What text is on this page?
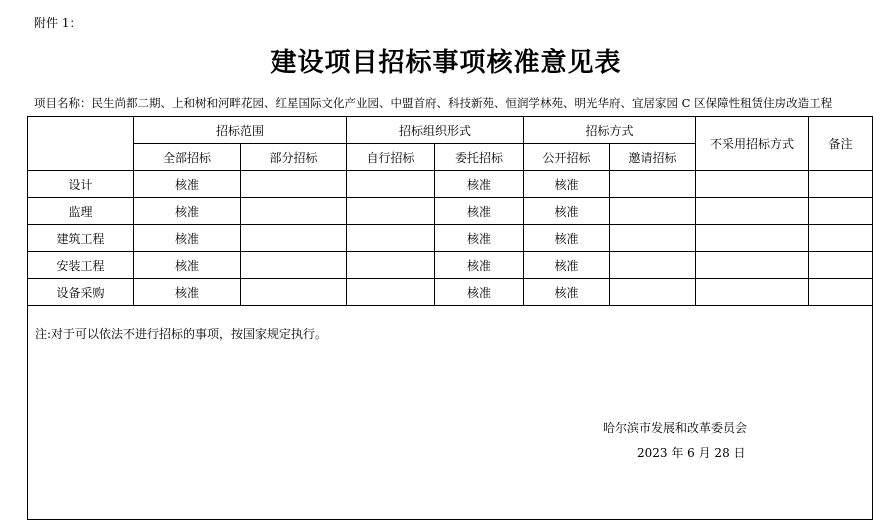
附件 1：
建设项目招标事项核准意见表
项目名称：民生尚都二期、上和树和河畔花园、红星国际文化产业园、中盟首府、科技新苑、恒润学林苑、明光华府、宜居家园 C 区保障性租赁住房改造工程
	招标范围		招标组织形式		招标方式		不采用招标方式	备注
	全部招标	部分招标	自行招标	委托招标	公开招标	邀请招标		
设计	核准			核准	核准			
监理	核准			核准	核准			
建筑工程	核准			核准	核准			
安装工程	核准			核准	核准			
设备采购	核准			核准	核准			

注:对于可以依法不进行招标的事项，按国家规定执行。
哈尔滨市发展和改革委员会
2023 年 6 月 28 日								
